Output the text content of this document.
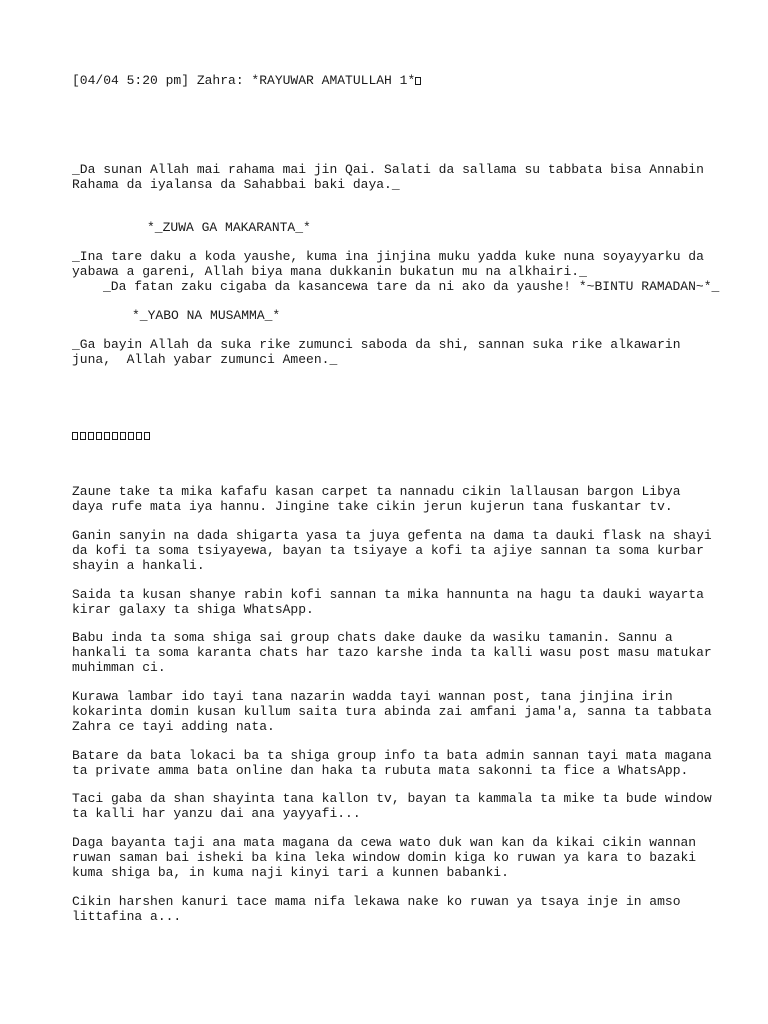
[04/04 5:20 pm] Zahra: *RAYUWAR AMATULLAH 1*
_Da sunan Allah mai rahama mai jin Qai. Salati da sallama su tabbata bisa Annabin
Rahama da iyalansa da Sahabbai baki daya._
*_ZUWA GA MAKARANTA_*
_Ina tare daku a koda yaushe, kuma ina jinjina muku yadda kuke nuna soyayyarku da
yabawa a gareni, Allah biya mana dukkanin bukatun mu na alkhairi._
_Da fatan zaku cigaba da kasancewa tare da ni ako da yaushe! *~BINTU RAMADAN~*_
*_YABO NA MUSAMMA_*
_Ga bayin Allah da suka rike zumunci saboda da shi, sannan suka rike alkawarin
juna,  Allah yabar zumunci Ameen._
Zaune take ta mika kafafu kasan carpet ta nannadu cikin lallausan bargon Libya
daya rufe mata iya hannu. Jingine take cikin jerun kujerun tana fuskantar tv.
Ganin sanyin na dada shigarta yasa ta juya gefenta na dama ta dauki flask na shayi
da kofi ta soma tsiyayewa, bayan ta tsiyaye a kofi ta ajiye sannan ta soma kurbar
shayin a hankali.
Saida ta kusan shanye rabin kofi sannan ta mika hannunta na hagu ta dauki wayarta
kirar galaxy ta shiga WhatsApp.
Babu inda ta soma shiga sai group chats dake dauke da wasiku tamanin. Sannu a
hankali ta soma karanta chats har tazo karshe inda ta kalli wasu post masu matukar
muhimman ci.
Kurawa lambar ido tayi tana nazarin wadda tayi wannan post, tana jinjina irin
kokarinta domin kusan kullum saita tura abinda zai amfani jama'a, sanna ta tabbata
Zahra ce tayi adding nata.
Batare da bata lokaci ba ta shiga group info ta bata admin sannan tayi mata magana
ta private amma bata online dan haka ta rubuta mata sakonni ta fice a WhatsApp.
Taci gaba da shan shayinta tana kallon tv, bayan ta kammala ta mike ta bude window
ta kalli har yanzu dai ana yayyafi...
Daga bayanta taji ana mata magana da cewa wato duk wan kan da kikai cikin wannan
ruwan saman bai isheki ba kina leka window domin kiga ko ruwan ya kara to bazaki
kuma shiga ba, in kuma naji kinyi tari a kunnen babanki.
Cikin harshen kanuri tace mama nifa lekawa nake ko ruwan ya tsaya inje in amso
littafina a...
